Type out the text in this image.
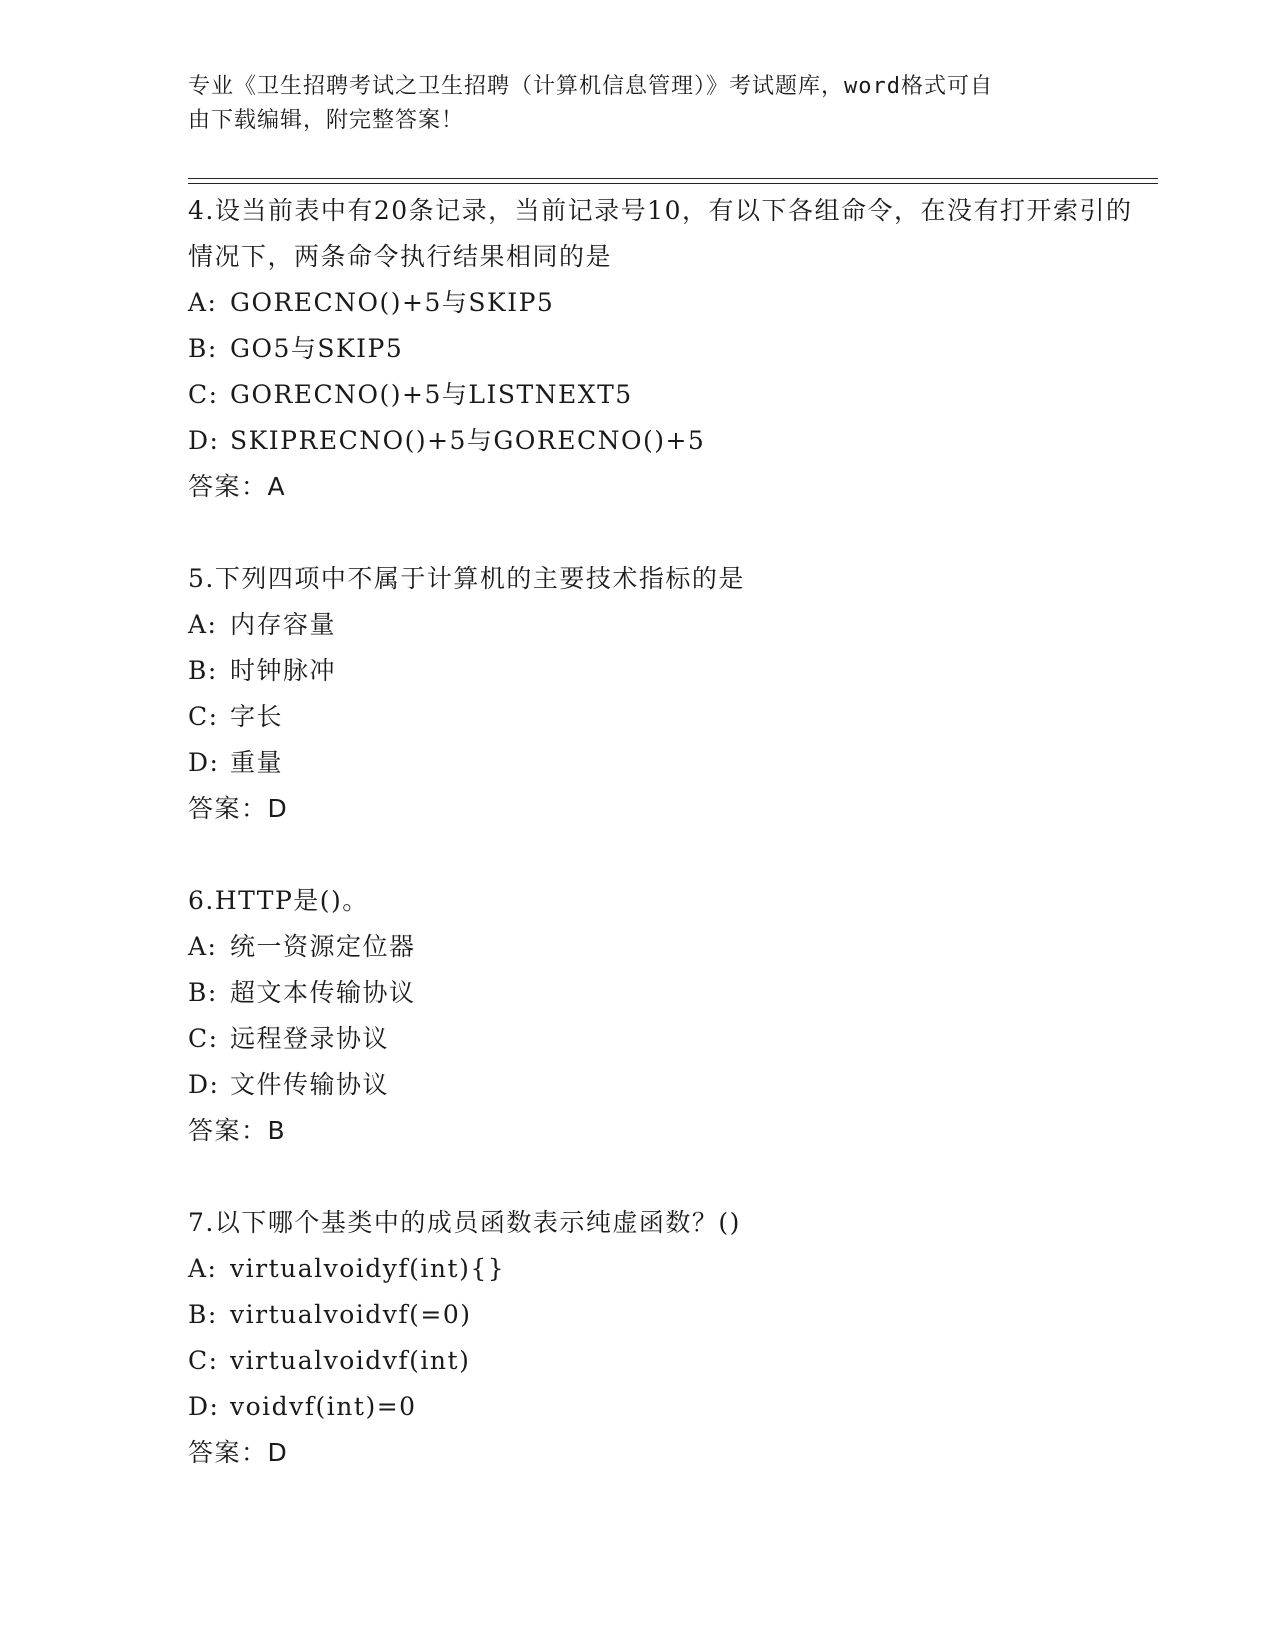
专业《卫生招聘考试之卫生招聘（计算机信息管理）》考试题库，word格式可自
由下载编辑，附完整答案！
4.设当前表中有20条记录，当前记录号10，有以下各组命令，在没有打开索引的情况下，两条命令执行结果相同的是
A: GORECNO()+5与SKIP5
B: GO5与SKIP5
C: GORECNO()+5与LISTNEXT5
D: SKIPRECNO()+5与GORECNO()+5
答案：A
5.下列四项中不属于计算机的主要技术指标的是
A: 内存容量
B: 时钟脉冲
C: 字长
D: 重量
答案：D
6.HTTP是()。
A: 统一资源定位器
B: 超文本传输协议
C: 远程登录协议
D: 文件传输协议
答案：B
7.以下哪个基类中的成员函数表示纯虚函数？()
A: virtualvoidyf(int){}
B: virtualvoidvf(=0)
C: virtualvoidvf(int)
D: voidvf(int)=0
答案：D
